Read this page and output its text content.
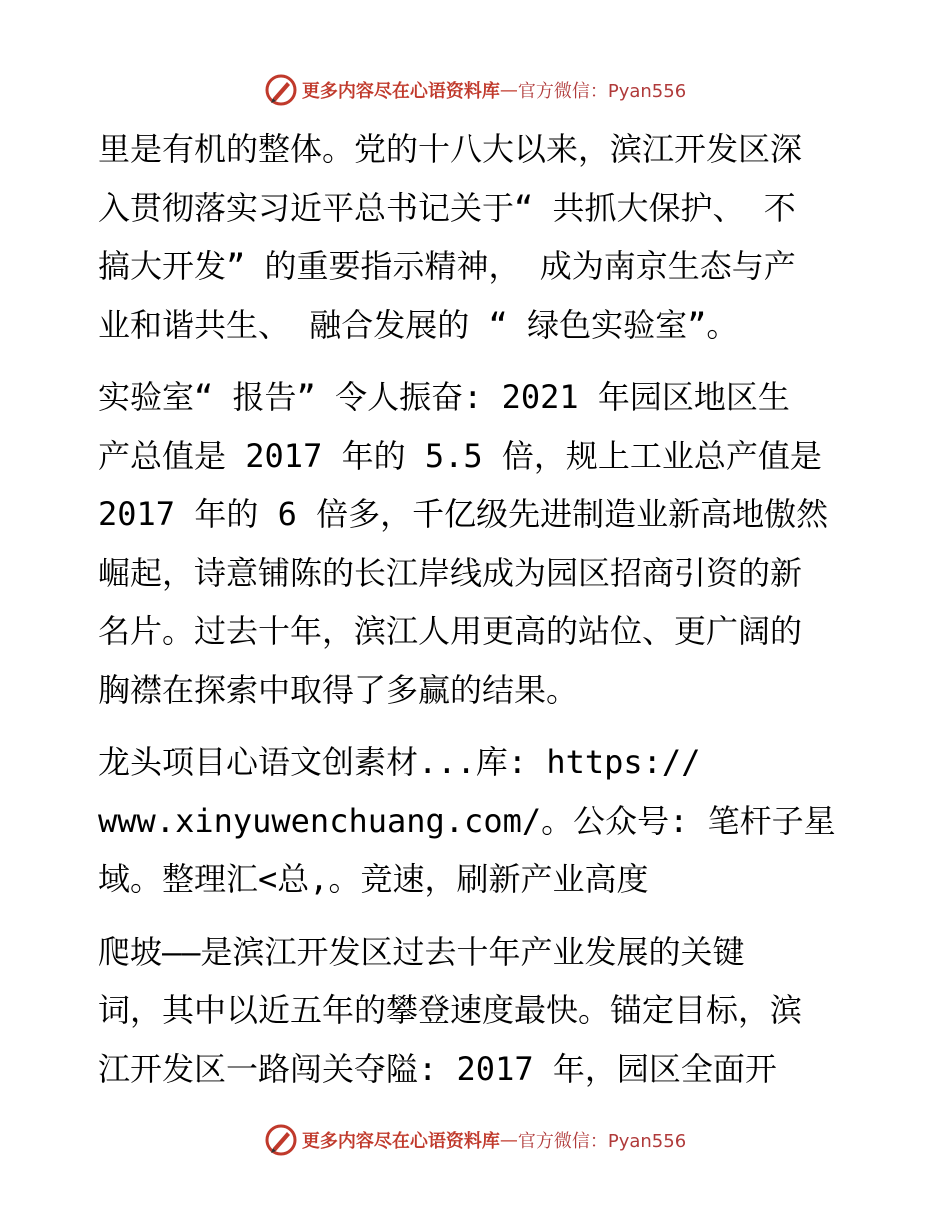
更多内容尽在心语资料库 — 官方微信：Pyan556

里是有机的整体。党的十八大以来，滨江开发区深
入贯彻落实习近平总书记关于“ 共抓大保护、 不
搞大开发” 的重要指示精神， 成为南京生态与产
业和谐共生、 融合发展的 “ 绿色实验室”。

实验室“ 报告” 令人振奋: 2021 年园区地区生
产总值是 2017 年的 5.5 倍，规上工业总产值是
2017 年的 6 倍多，千亿级先进制造业新高地傲然
崛起，诗意铺陈的长江岸线成为园区招商引资的新
名片。过去十年，滨江人用更高的站位、更广阔的
胸襟在探索中取得了多赢的结果。

龙头项目心语文创素材...库: https://
www.xinyuwenchuang.com/。公众号: 笔杆子星
域。整理汇<总,。竞速，刷新产业高度

爬坡——是滨江开发区过去十年产业发展的关键
词，其中以近五年的攀登速度最快。锚定目标，滨
江开发区一路闯关夺隘: 2017 年，园区全面开

更多内容尽在心语资料库 — 官方微信：Pyan556
